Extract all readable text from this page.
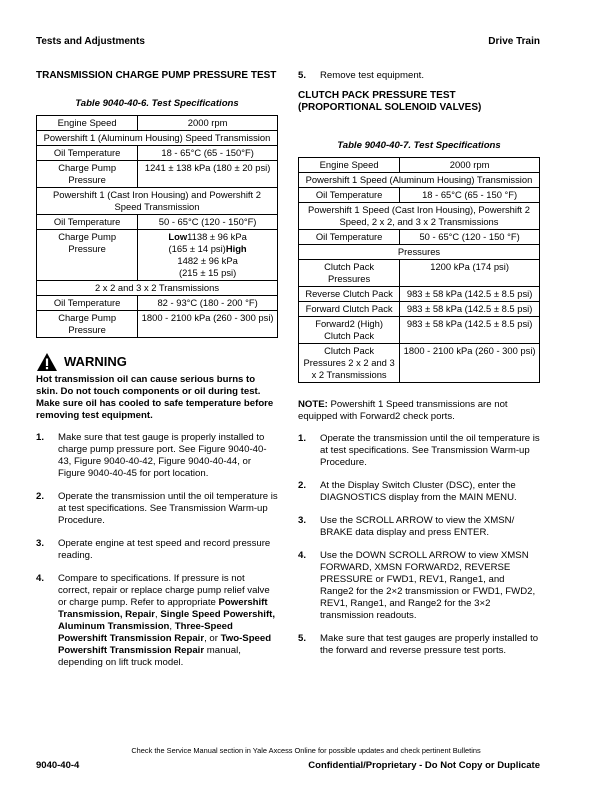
Tests and Adjustments	Drive Train

TRANSMISSION CHARGE PUMP PRESSURE TEST

Table 9040-40-6. Test Specifications
Engine Speed	2000 rpm
Powershift 1 (Aluminum Housing) Speed Transmission	
Oil Temperature	18 - 65°C (65 - 150°F)
Charge Pump Pressure	1241 ± 138 kPa (180 ± 20 psi)
Powershift 1 (Cast Iron Housing) and Powershift 2 Speed Transmission	
Oil Temperature	50 - 65°C (120 - 150°F)
Charge Pump Pressure	Low1138 ± 96 kPa
(165 ± 14 psi)High
1482 ± 96 kPa
(215 ± 15 psi)
2 x 2 and 3 x 2 Transmissions	
Oil Temperature	82 - 93°C (180 - 200 °F)
Charge Pump Pressure	1800 - 2100 kPa (260 - 300 psi)
WARNING
Hot transmission oil can cause serious burns to skin. Do not touch components or oil during test. Make sure oil has cooled to safe temperature before removing test equipment.
1.	Make sure that test gauge is properly installed to charge pump pressure port. See Figure 9040-40-43, Figure 9040-40-42, Figure 9040-40-44, or Figure 9040-40-45 for port location.
2.	Operate the transmission until the oil temperature is at test specifications. See Transmission Warm-up Procedure.
3.	Operate engine at test speed and record pressure reading.
4.	Compare to specifications. If pressure is not correct, repair or replace charge pump relief valve or charge pump. Refer to appropriate Powershift Transmission, Repair, Single Speed Powershift, Aluminum Transmission, Three-Speed Powershift Transmission Repair, or Two-Speed Powershift Transmission Repair manual, depending on lift truck model.
5.	Remove test equipment.

CLUTCH PACK PRESSURE TEST (PROPORTIONAL SOLENOID VALVES)

Table 9040-40-7. Test Specifications
Engine Speed	2000 rpm
Powershift 1 Speed (Aluminum Housing) Transmission	
Oil Temperature	18 - 65°C (65 - 150 °F)
Powershift 1 Speed (Cast Iron Housing), Powershift 2 Speed, 2 x 2, and 3 x 2 Transmissions	
Oil Temperature	50 - 65°C (120 - 150 °F)
Pressures	
Clutch Pack Pressures	1200 kPa (174 psi)
Reverse Clutch Pack	983 ± 58 kPa (142.5 ± 8.5 psi)
Forward Clutch Pack	983 ± 58 kPa (142.5 ± 8.5 psi)
Forward2 (High) Clutch Pack	983 ± 58 kPa (142.5 ± 8.5 psi)
Clutch Pack Pressures 2 x 2 and 3 x 2 Transmissions	1800 - 2100 kPa (260 - 300 psi)
NOTE: Powershift 1 Speed transmissions are not equipped with Forward2 check ports.
1.	Operate the transmission until the oil temperature is at test specifications. See Transmission Warm-up Procedure.
2.	At the Display Switch Cluster (DSC), enter the DIAGNOSTICS display from the MAIN MENU.
3.	Use the SCROLL ARROW to view the XMSN/ BRAKE data display and press ENTER.
4.	Use the DOWN SCROLL ARROW to view XMSN FORWARD, XMSN FORWARD2, REVERSE PRESSURE or FWD1, REV1, Range1, and Range2 for the 2×2 transmission or FWD1, FWD2, REV1, Range1, and Range2 for the 3×2 transmission readouts.
5.	Make sure that test gauges are properly installed to the forward and reverse pressure test ports.
Check the Service Manual section in Yale Axcess Online for possible updates and check pertinent Bulletins
9040-40-4	Confidential/Proprietary - Do Not Copy or Duplicate
